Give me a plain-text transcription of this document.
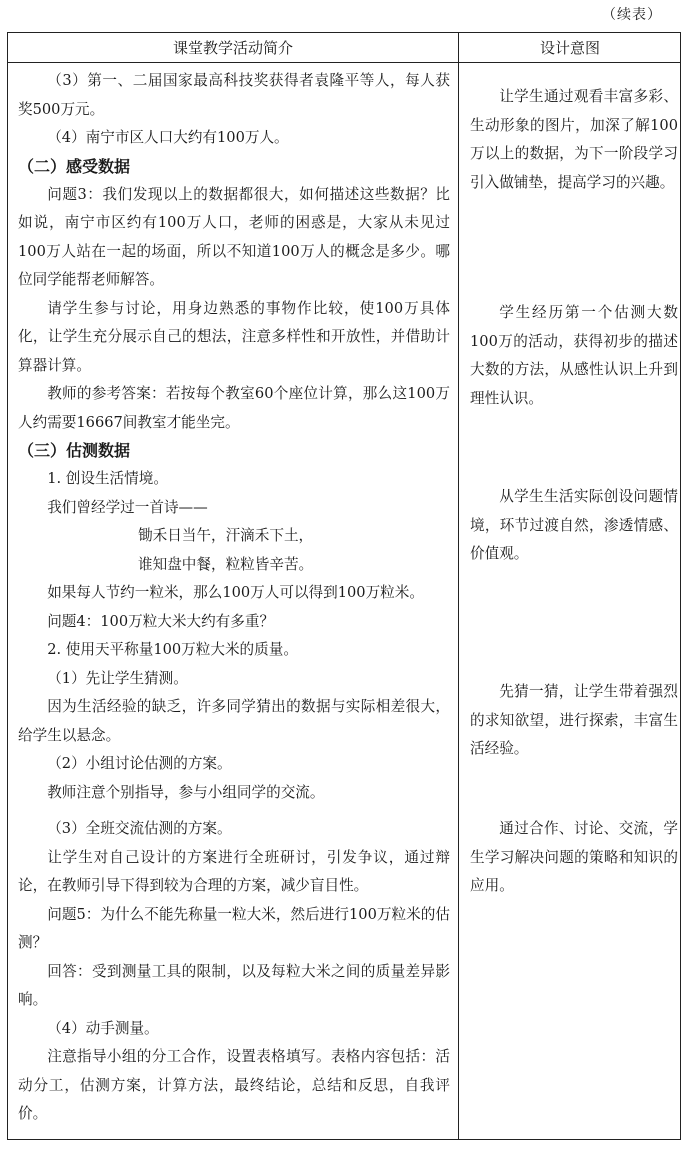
（续表）
课堂教学活动简介	设计意图

（3）第一、二届国家最高科技奖获得者袁隆平等人，每人获奖500万元。

（4）南宁市区人口大约有100万人。

（二）感受数据

问题3：我们发现以上的数据都很大，如何描述这些数据？比如说，南宁市区约有100万人口，老师的困惑是，大家从未见过100万人站在一起的场面，所以不知道100万人的概念是多少。哪位同学能帮老师解答。

请学生参与讨论，用身边熟悉的事物作比较，使100万具体化，让学生充分展示自己的想法，注意多样性和开放性，并借助计算器计算。

教师的参考答案：若按每个教室60个座位计算，那么这100万人约需要16667间教室才能坐完。

（三）估测数据

1. 创设生活情境。

我们曾经学过一首诗——

锄禾日当午，汗滴禾下土，

谁知盘中餐，粒粒皆辛苦。

如果每人节约一粒米，那么100万人可以得到100万粒米。

问题4：100万粒大米大约有多重？

2. 使用天平称量100万粒大米的质量。

（1）先让学生猜测。

因为生活经验的缺乏，许多同学猜出的数据与实际相差很大，给学生以悬念。

（2）小组讨论估测的方案。

教师注意个别指导，参与小组同学的交流。

（3）全班交流估测的方案。

让学生对自己设计的方案进行全班研讨，引发争议，通过辩论，在教师引导下得到较为合理的方案，减少盲目性。

问题5：为什么不能先称量一粒大米，然后进行100万粒米的估测？

回答：受到测量工具的限制，以及每粒大米之间的质量差异影响。

（4）动手测量。

注意指导小组的分工合作，设置表格填写。表格内容包括：活动分工，估测方案，计算方法，最终结论，总结和反思，自我评价。

让学生通过观看丰富多彩、生动形象的图片，加深了解100万以上的数据，为下一阶段学习引入做铺垫，提高学习的兴趣。

学生经历第一个估测大数100万的活动，获得初步的描述大数的方法，从感性认识上升到理性认识。

从学生生活实际创设问题情境，环节过渡自然，渗透情感、价值观。

先猜一猜，让学生带着强烈的求知欲望，进行探索，丰富生活经验。

通过合作、讨论、交流，学生学习解决问题的策略和知识的应用。
